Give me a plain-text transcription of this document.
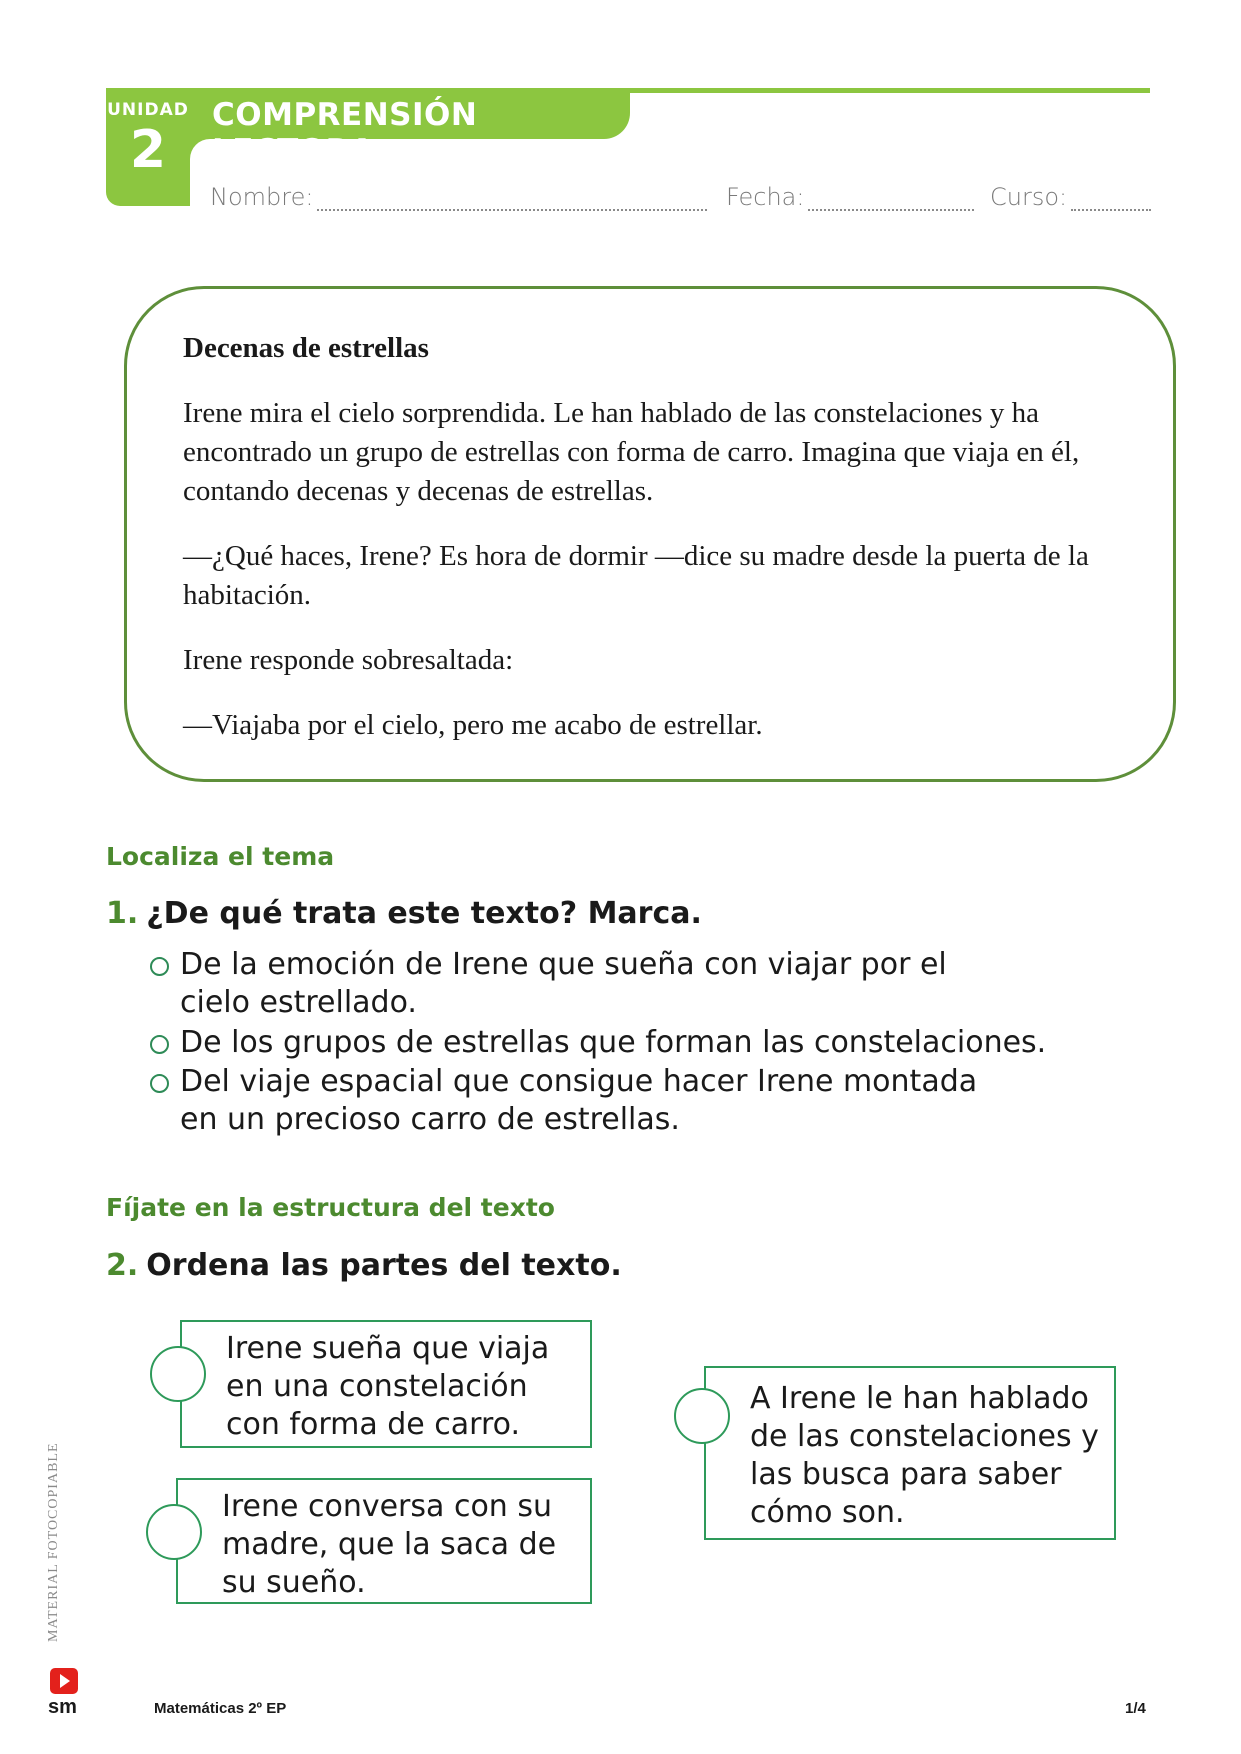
UNIDAD
2
COMPRENSIÓN LECTORA
Nombre:	Fecha:	Curso:
Decenas de estrellas

Irene mira el cielo sorprendida. Le han hablado de las constelaciones y ha encontrado un grupo de estrellas con forma de carro. Imagina que viaja en él, contando decenas y decenas de estrellas.

—¿Qué haces, Irene? Es hora de dormir —dice su madre desde la puerta de la habitación.

Irene responde sobresaltada:

—Viajaba por el cielo, pero me acabo de estrellar.

Localiza el tema
1. ¿De qué trata este texto? Marca.
De la emoción de Irene que sueña con viajar por el cielo estrellado.
De los grupos de estrellas que forman las constelaciones.
Del viaje espacial que consigue hacer Irene montada en un precioso carro de estrellas.
Fíjate en la estructura del texto
2. Ordena las partes del texto.
Irene sueña que viaja en una constelación con forma de carro.
Irene conversa con su madre, que la saca de su sueño.
A Irene le han hablado de las constelaciones y las busca para saber cómo son.
MATERIAL FOTOCOPIABLE
sm	Matemáticas 2º EP	1/4
